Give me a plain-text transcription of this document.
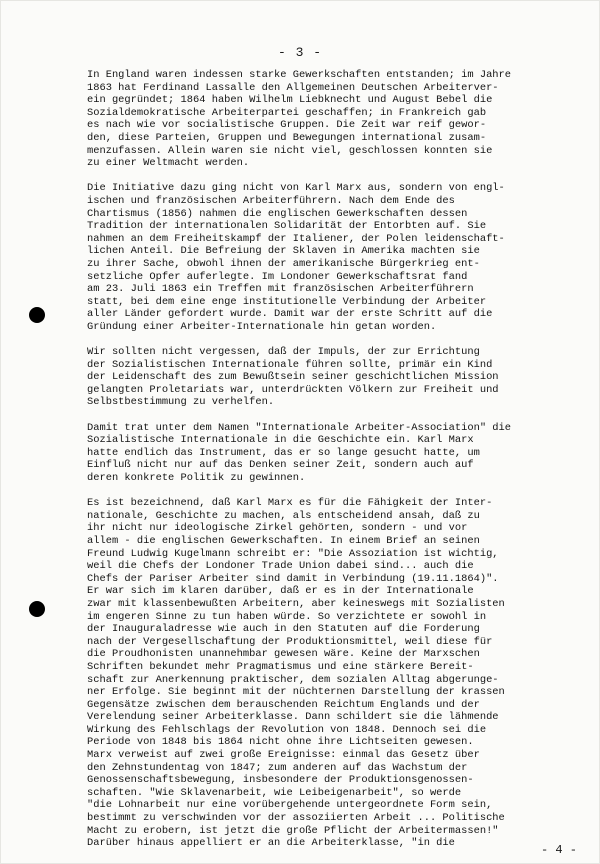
- 3 -
In England waren indessen starke Gewerkschaften entstanden; im Jahre
1863 hat Ferdinand Lassalle den Allgemeinen Deutschen Arbeiterver-
ein gegründet; 1864 haben Wilhelm Liebknecht und August Bebel die
Sozialdemokratische Arbeiterpartei geschaffen; in Frankreich gab
es nach wie vor socialistische Gruppen. Die Zeit war reif gewor-
den, diese Parteien, Gruppen und Bewegungen international zusam-
menzufassen. Allein waren sie nicht viel, geschlossen konnten sie
zu einer Weltmacht werden.
Die Initiative dazu ging nicht von Karl Marx aus, sondern von engl-
ischen und französischen Arbeiterführern. Nach dem Ende des
Chartismus (1856) nahmen die englischen Gewerkschaften dessen
Tradition der internationalen Solidarität der Entorbten auf. Sie
nahmen an dem Freiheitskampf der Italiener, der Polen leidenschaft-
lichen Anteil. Die Befreiung der Sklaven in Amerika machten sie
zu ihrer Sache, obwohl ihnen der amerikanische Bürgerkrieg ent-
setzliche Opfer auferlegte. Im Londoner Gewerkschaftsrat fand
am 23. Juli 1863 ein Treffen mit französischen Arbeiterführern
statt, bei dem eine enge institutionelle Verbindung der Arbeiter
aller Länder gefordert wurde. Damit war der erste Schritt auf die
Gründung einer Arbeiter-Internationale hin getan worden.
Wir sollten nicht vergessen, daß der Impuls, der zur Errichtung
der Sozialistischen Internationale führen sollte, primär ein Kind
der Leidenschaft des zum Bewußtsein seiner geschichtlichen Mission
gelangten Proletariats war, unterdrückten Völkern zur Freiheit und
Selbstbestimmung zu verhelfen.
Damit trat unter dem Namen "Internationale Arbeiter-Association" die
Sozialistische Internationale in die Geschichte ein. Karl Marx
hatte endlich das Instrument, das er so lange gesucht hatte, um
Einfluß nicht nur auf das Denken seiner Zeit, sondern auch auf
deren konkrete Politik zu gewinnen.
Es ist bezeichnend, daß Karl Marx es für die Fähigkeit der Inter-
nationale, Geschichte zu machen, als entscheidend ansah, daß zu
ihr nicht nur ideologische Zirkel gehörten, sondern - und vor
allem - die englischen Gewerkschaften. In einem Brief an seinen
Freund Ludwig Kugelmann schreibt er: "Die Assoziation ist wichtig,
weil die Chefs der Londoner Trade Union dabei sind... auch die
Chefs der Pariser Arbeiter sind damit in Verbindung (19.11.1864)".
Er war sich im klaren darüber, daß er es in der Internationale
zwar mit klassenbewußten Arbeitern, aber keineswegs mit Sozialisten
im engeren Sinne zu tun haben würde. So verzichtete er sowohl in
der Inauguraladresse wie auch in den Statuten auf die Forderung
nach der Vergesellschaftung der Produktionsmittel, weil diese für
die Proudhonisten unannehmbar gewesen wäre. Keine der Marxschen
Schriften bekundet mehr Pragmatismus und eine stärkere Bereit-
schaft zur Anerkennung praktischer, dem sozialen Alltag abgerunge-
ner Erfolge. Sie beginnt mit der nüchternen Darstellung der krassen
Gegensätze zwischen dem berauschenden Reichtum Englands und der
Verelendung seiner Arbeiterklasse. Dann schildert sie die lähmende
Wirkung des Fehlschlags der Revolution von 1848. Dennoch sei die
Periode von 1848 bis 1864 nicht ohne ihre Lichtseiten gewesen.
Marx verweist auf zwei große Ereignisse: einmal das Gesetz über
den Zehnstundentag von 1847; zum anderen auf das Wachstum der
Genossenschaftsbewegung, insbesondere der Produktionsgenossen-
schaften. "Wie Sklavenarbeit, wie Leibeigenarbeit", so werde
"die Lohnarbeit nur eine vorübergehende untergeordnete Form sein,
bestimmt zu verschwinden vor der assoziierten Arbeit ... Politische
Macht zu erobern, ist jetzt die große Pflicht der Arbeitermassen!"
Darüber hinaus appelliert er an die Arbeiterklasse, "in die	- 4 -
